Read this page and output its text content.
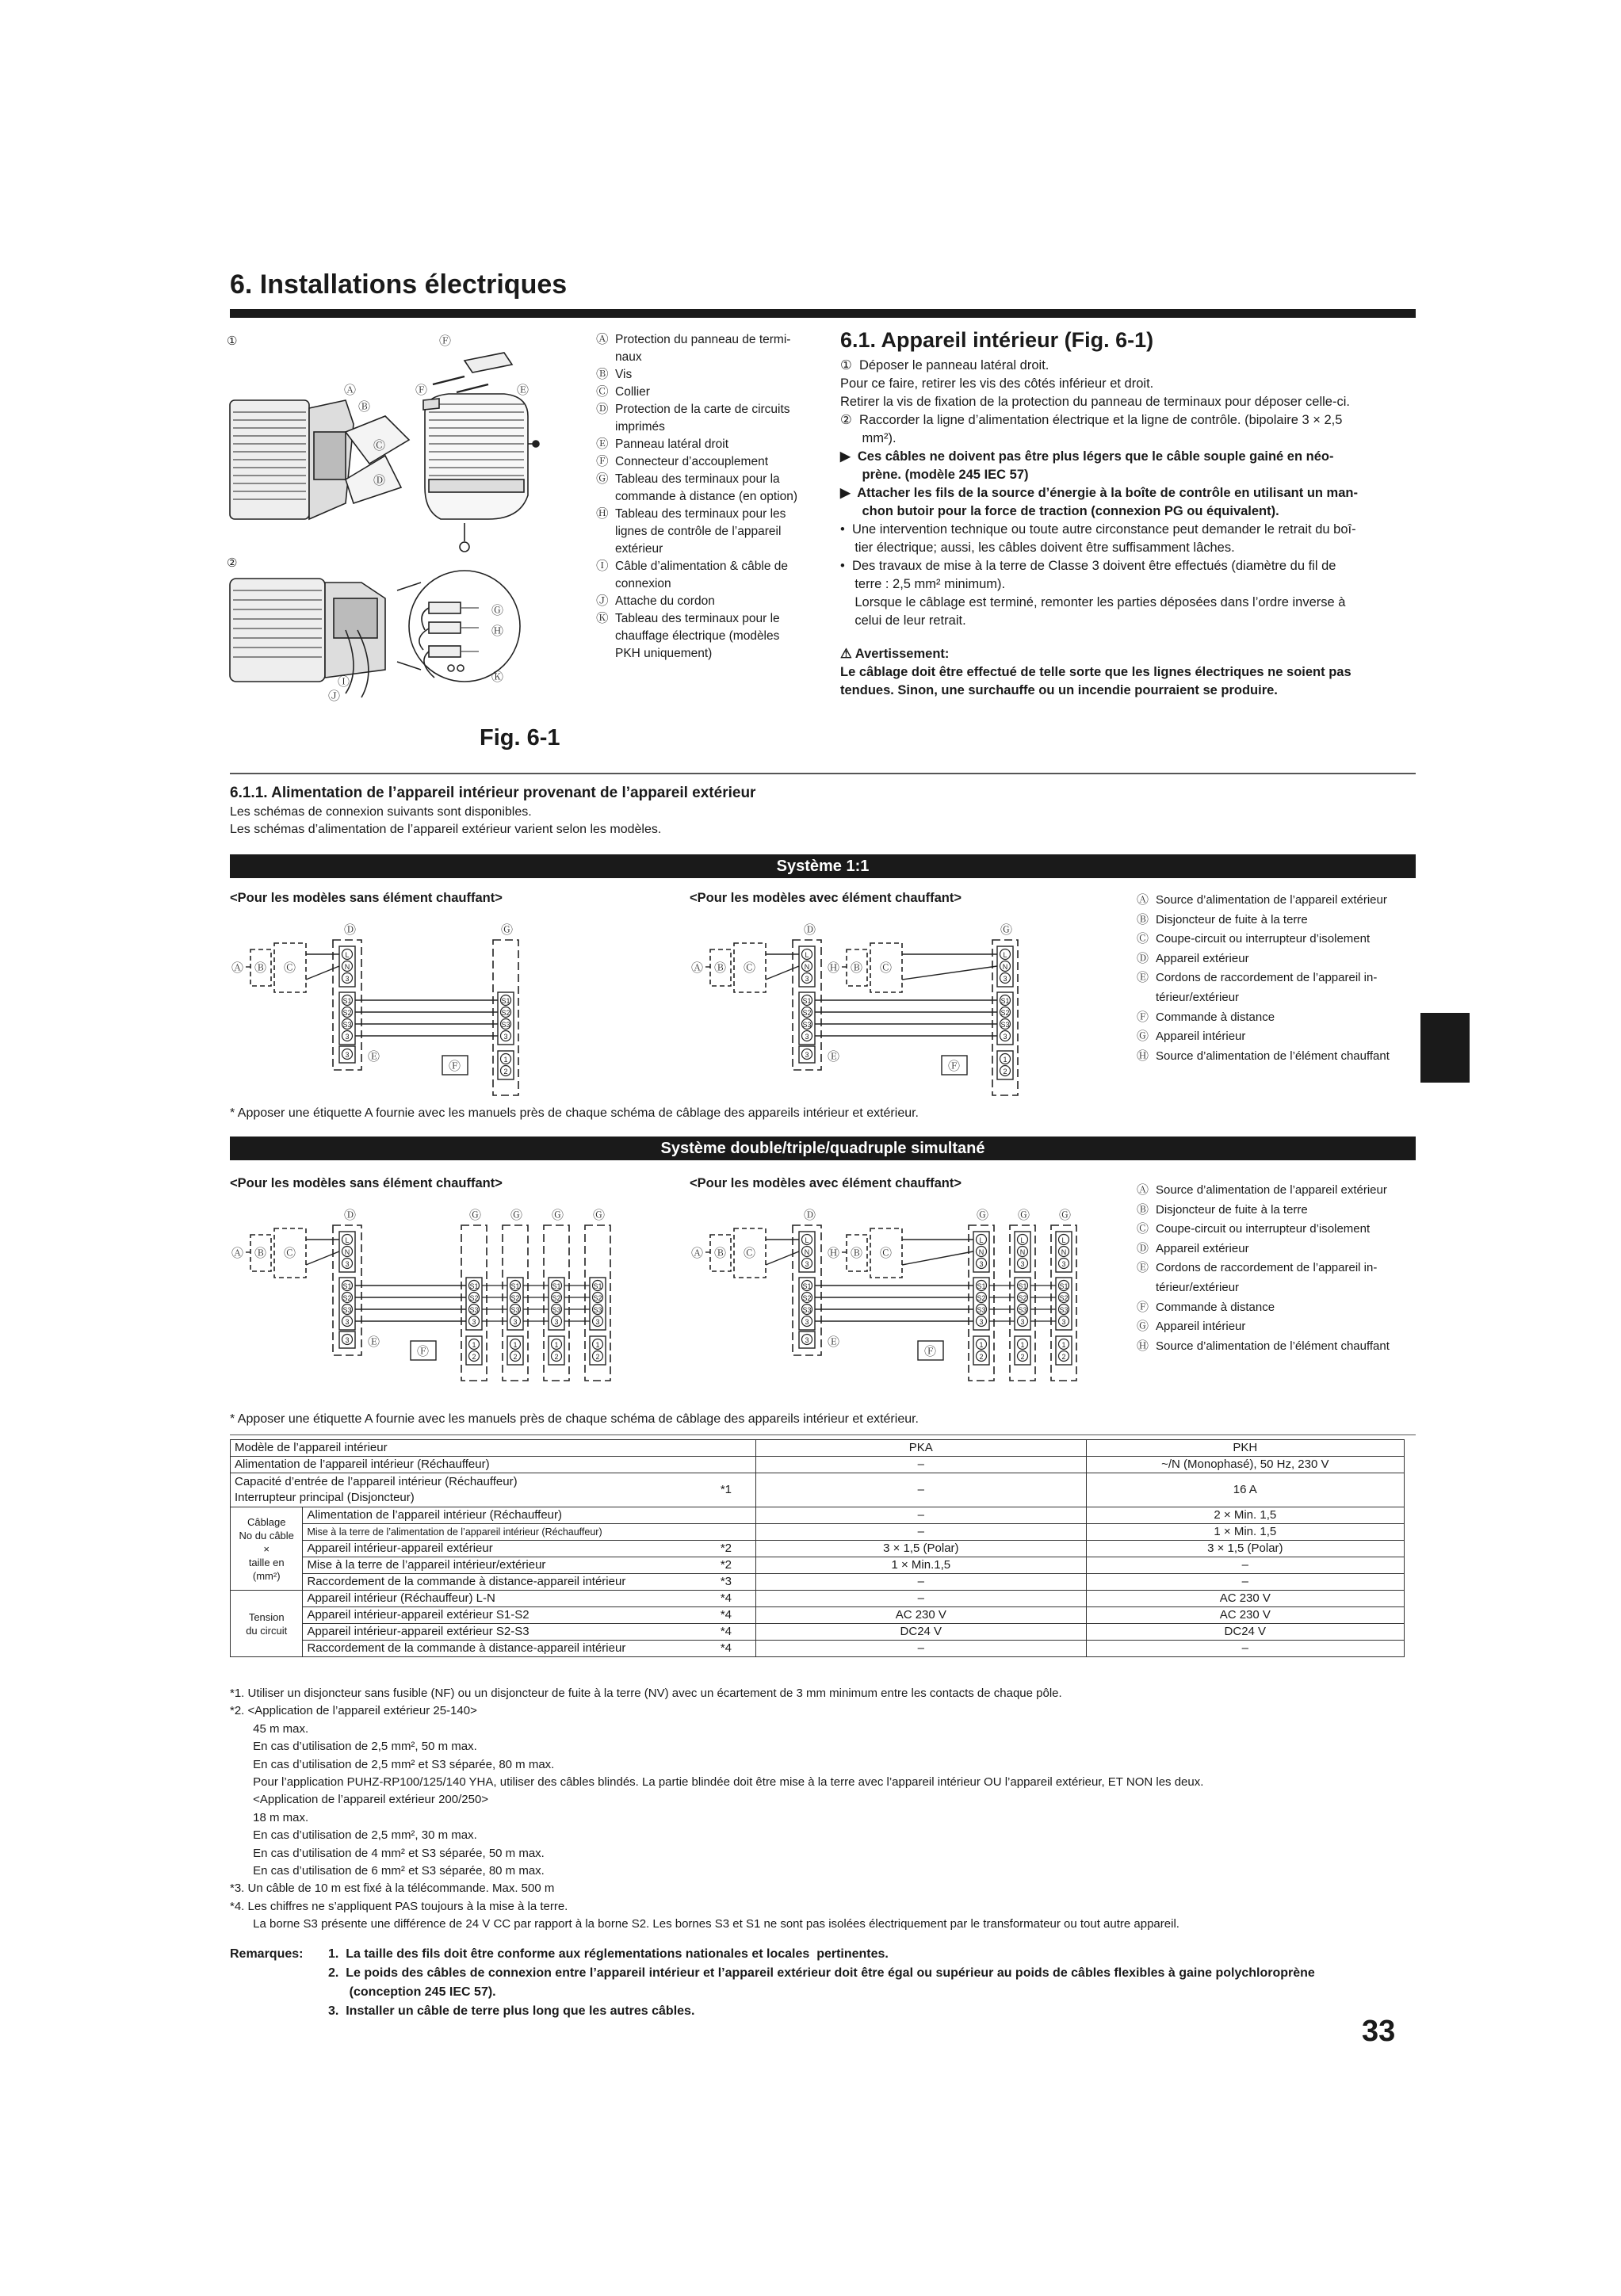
6. Installations électriques
①
②
Ⓐ
Ⓑ
Ⓒ
Ⓓ
Ⓔ
Ⓕ
Ⓕ
Ⓖ
Ⓗ
Ⓘ
Ⓙ
Ⓚ
Ⓐ Protection du panneau de termi-
naux
Ⓑ Vis
Ⓒ Collier
Ⓓ Protection de la carte de circuits
imprimés
Ⓔ Panneau latéral droit
Ⓕ Connecteur d’accouplement
Ⓖ Tableau des terminaux pour la
commande à distance (en option)
Ⓗ Tableau des terminaux pour les
lignes de contrôle de l’appareil
extérieur
Ⓘ Câble d’alimentation & câble de
connexion
Ⓙ Attache du cordon
Ⓚ Tableau des terminaux pour le
chauffage électrique (modèles
PKH uniquement)
Fig. 6-1
6.1. Appareil intérieur (Fig. 6-1)

①  Déposer le panneau latéral droit.

Pour ce faire, retirer les vis des côtés inférieur et droit.

Retirer la vis de fixation de la protection du panneau de terminaux pour déposer celle-ci.

②  Raccorder la ligne d’alimentation électrique et la ligne de contrôle. (bipolaire 3 × 2,5

mm²).

▶  Ces câbles ne doivent pas être plus légers que le câble souple gainé en néo-

prène. (modèle 245 IEC 57)

▶  Attacher les fils de la source d’énergie à la boîte de contrôle en utilisant un man-

chon butoir pour la force de traction (connexion PG ou équivalent).

•  Une intervention technique ou toute autre circonstance peut demander le retrait du boî-

tier électrique; aussi, les câbles doivent être suffisamment lâches.

•  Des travaux de mise à la terre de Classe 3 doivent être effectués (diamètre du fil de

terre : 2,5 mm² minimum).

Lorsque le câblage est terminé, remonter les parties déposées dans l’ordre inverse à

celui de leur retrait.

⚠ Avertissement:

Le câblage doit être effectué de telle sorte que les lignes électriques ne soient pas

tendues. Sinon, une surchauffe ou un incendie pourraient se produire.

6.1.1. Alimentation de l’appareil intérieur provenant de l’appareil extérieur
Les schémas de connexion suivants sont disponibles.
Les schémas d’alimentation de l’appareil extérieur varient selon les modèles.
Système 1:1
<Pour les modèles sans élément chauffant>	<Pour les modèles avec élément chauffant>
Ⓐ Ⓑ Ⓒ
Ⓓ
L
N
3
S1
S2
S3
3
3
Ⓖ
S1
S2
S3
3
1
2
Ⓔ
Ⓕ
Ⓐ Ⓑ Ⓒ	Ⓗ Ⓑ Ⓒ
Ⓓ
L
N
3
S1
S2
S3
3
3
Ⓖ
L
N
3
S1
S2
S3
3
1
2
Ⓔ
Ⓕ
Ⓐ Source d’alimentation de l’appareil extérieur
Ⓑ Disjoncteur de fuite à la terre
Ⓒ Coupe-circuit ou interrupteur d’isolement
Ⓓ Appareil extérieur
Ⓔ Cordons de raccordement de l’appareil in-
térieur/extérieur
Ⓕ Commande à distance
Ⓖ Appareil intérieur
Ⓗ Source d’alimentation de l’élément chauffant
* Apposer une étiquette A fournie avec les manuels près de chaque schéma de câblage des appareils intérieur et extérieur.
Système double/triple/quadruple simultané
<Pour les modèles sans élément chauffant>	<Pour les modèles avec élément chauffant>
Ⓐ Ⓑ Ⓒ
Ⓓ
L
N
3
S1
S2
S3
3
3
Ⓖ
S1
S2
S3
3
1
2
Ⓖ
S1
S2
S3
3
1
2
Ⓖ
S1
S2
S3
3
1
2
Ⓖ
S1
S2
S3
3
1
2
Ⓔ
Ⓕ
Ⓐ Ⓑ Ⓒ	Ⓗ Ⓑ Ⓒ
Ⓓ
L
N
3
S1
S2
S3
3
3
Ⓖ
L
N
3
S1
S2
S3
3
1
2
Ⓖ
L
N
3
S1
S2
S3
3
1
2
Ⓖ
L
N
3
S1
S2
S3
3
1
2
Ⓔ
Ⓕ
Ⓐ Source d’alimentation de l’appareil extérieur
Ⓑ Disjoncteur de fuite à la terre
Ⓒ Coupe-circuit ou interrupteur d’isolement
Ⓓ Appareil extérieur
Ⓔ Cordons de raccordement de l’appareil in-
térieur/extérieur
Ⓕ Commande à distance
Ⓖ Appareil intérieur
Ⓗ Source d’alimentation de l’élément chauffant
* Apposer une étiquette A fournie avec les manuels près de chaque schéma de câblage des appareils intérieur et extérieur.
Modèle de l’appareil intérieur		PKA	PKH
Alimentation de l’appareil intérieur (Réchauffeur)		–	~/N (Monophasé), 50 Hz, 230 V

Capacité d’entrée de l’appareil intérieur (Réchauffeur)
Interrupteur principal (Disjoncteur)
*1		–	16 A
Câblage
No du câble ×
taille en (mm²)	Alimentation de l’appareil intérieur (Réchauffeur)	–	2 × Min. 1,5
	Mise à la terre de l’alimentation de l’appareil intérieur (Réchauffeur)	–	1 × Min. 1,5
	Appareil intérieur-appareil extérieur *2	3 × 1,5 (Polar)	3 × 1,5 (Polar)
	Mise à la terre de l’appareil intérieur/extérieur *2	1 × Min.1,5	–
	Raccordement de la commande à distance-appareil intérieur *3	–	–
Tension
du circuit	Appareil intérieur (Réchauffeur) L-N *4	–	AC 230 V
	Appareil intérieur-appareil extérieur S1-S2 *4	AC 230 V	AC 230 V
	Appareil intérieur-appareil extérieur S2-S3 *4	DC24 V	DC24 V
	Raccordement de la commande à distance-appareil intérieur *4	–	–
*1. Utiliser un disjoncteur sans fusible (NF) ou un disjoncteur de fuite à la terre (NV) avec un écartement de 3 mm minimum entre les contacts de chaque pôle.
*2. <Application de l’appareil extérieur 25-140>
45 m max.
En cas d’utilisation de 2,5 mm², 50 m max.
En cas d’utilisation de 2,5 mm² et S3 séparée, 80 m max.
Pour l’application PUHZ-RP100/125/140 YHA, utiliser des câbles blindés. La partie blindée doit être mise à la terre avec l’appareil intérieur OU l’appareil extérieur, ET NON les deux.
<Application de l’appareil extérieur 200/250>
18 m max.
En cas d’utilisation de 2,5 mm², 30 m max.
En cas d’utilisation de 4 mm² et S3 séparée, 50 m max.
En cas d’utilisation de 6 mm² et S3 séparée, 80 m max.
*3. Un câble de 10 m est fixé à la télécommande. Max. 500 m
*4. Les chiffres ne s’appliquent PAS toujours à la mise à la terre.
La borne S3 présente une différence de 24 V CC par rapport à la borne S2. Les bornes S3 et S1 ne sont pas isolées électriquement par le transformateur ou tout autre appareil.
Remarques: 1.  La taille des fils doit être conforme aux réglementations nationales et locales  pertinentes.
2.  Le poids des câbles de connexion entre l’appareil intérieur et l’appareil extérieur doit être égal ou supérieur au poids de câbles flexibles à gaine polychloroprène
(conception 245 IEC 57).
3.  Installer un câble de terre plus long que les autres câbles.
33
